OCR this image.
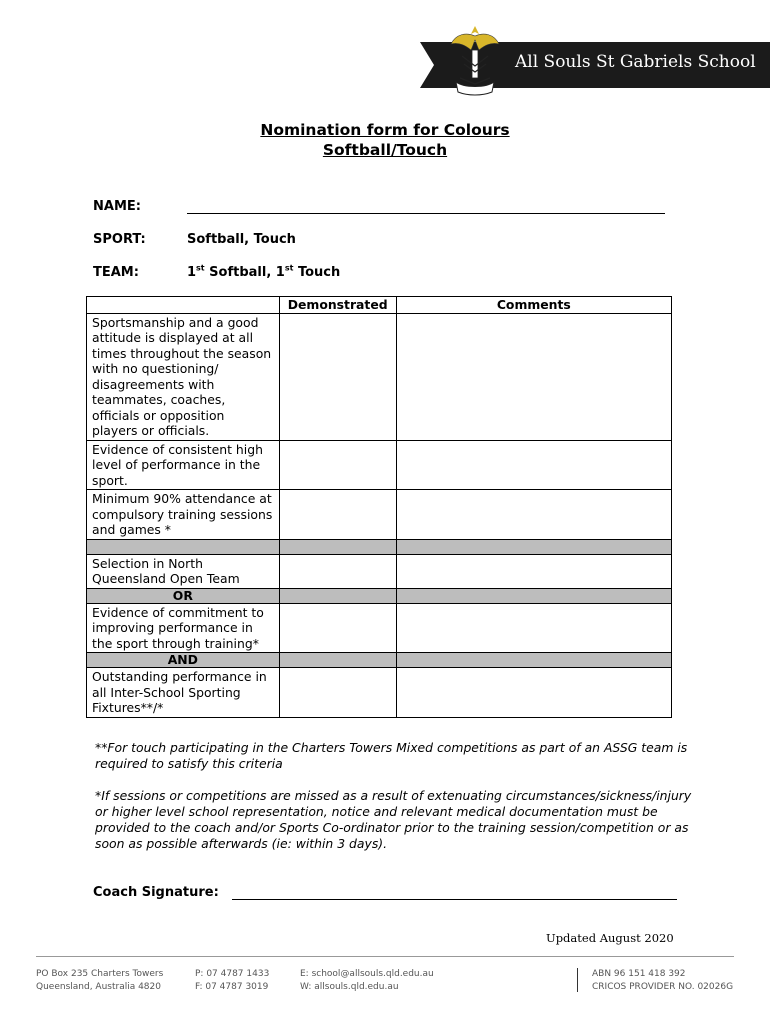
All Souls St Gabriels School
Nomination form for Colours
Softball/Touch
NAME:
SPORT:	Softball, Touch
TEAM:	1st Softball, 1st Touch
	Demonstrated	Comments
Sportsmanship and a good attitude is displayed at all times throughout the season with no questioning/ disagreements with teammates, coaches, officials or opposition players or officials.		
Evidence of consistent high level of performance in the sport.		
Minimum 90% attendance at compulsory training sessions and games *		

Selection in North Queensland Open Team		
OR		
Evidence of commitment to improving performance in the sport through training*		
AND		
Outstanding performance in all Inter-School Sporting Fixtures**/*		
**For touch participating in the Charters Towers Mixed competitions as part of an ASSG team is required to satisfy this criteria
*If sessions or competitions are missed as a result of extenuating circumstances/sickness/injury or higher level school representation, notice and relevant medical documentation must be provided to the coach and/or Sports Co-ordinator prior to the training session/competition or as soon as possible afterwards (ie: within 3 days).
Coach Signature:
Updated August 2020
PO Box 235 Charters Towers
Queensland, Australia 4820
P: 07 4787 1433
F: 07 4787 3019
E: school@allsouls.qld.edu.au
W: allsouls.qld.edu.au
ABN 96 151 418 392
CRICOS PROVIDER NO. 02026G
